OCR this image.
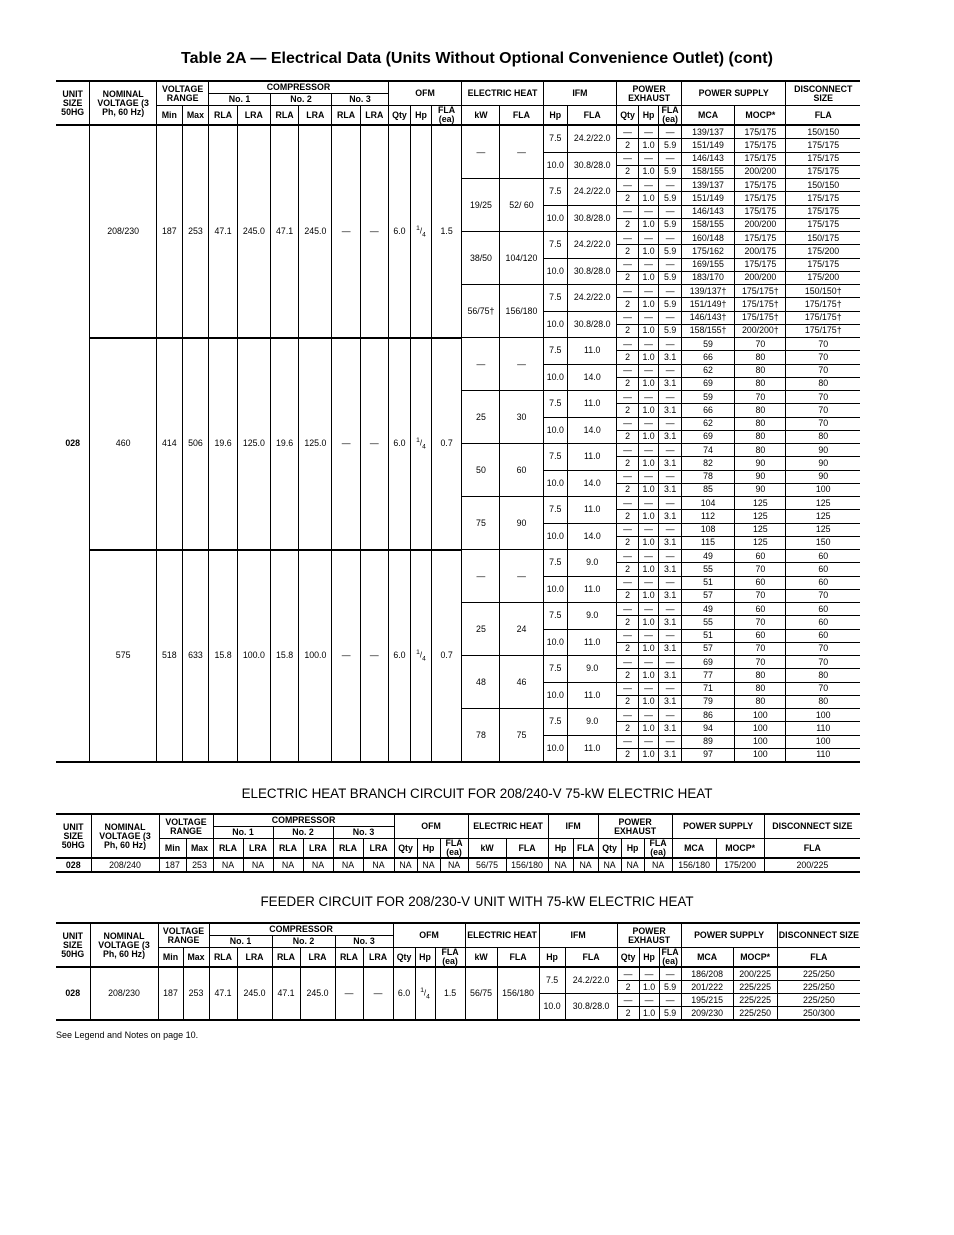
Table 2A — Electrical Data (Units Without Optional Convenience Outlet) (cont)
UNIT SIZE 50HG	NOMINAL VOLTAGE (3 Ph, 60 Hz)	VOLTAGE RANGE		COMPRESSOR						OFM			ELECTRIC HEAT		IFM		POWER EXHAUST			POWER SUPPLY		DISCONNECT SIZE
				No. 1		No. 2		No. 3														
		Min	Max	RLA	LRA	RLA	LRA	RLA	LRA	Qty	Hp	FLA (ea)	kW	FLA	Hp	FLA	Qty	Hp	FLA (ea)	MCA	MOCP*	FLA
028	208/230	187	253	47.1	245.0	47.1	245.0	—	—	6.0	$^1/_4$	1.5	—	—	7.5	24.2/22.0	—	—	—	139/137	175/175	150/150
																	2	1.0	5.9	151/149	175/175	175/175
															10.0	30.8/28.0	—	—	—	146/143	175/175	175/175
																	2	1.0	5.9	158/155	200/200	175/175
													19/25	52/ 60	7.5	24.2/22.0	—	—	—	139/137	175/175	150/150
																	2	1.0	5.9	151/149	175/175	175/175
															10.0	30.8/28.0	—	—	—	146/143	175/175	175/175
																	2	1.0	5.9	158/155	200/200	175/175
													38/50	104/120	7.5	24.2/22.0	—	—	—	160/148	175/175	150/175
																	2	1.0	5.9	175/162	200/175	175/200
															10.0	30.8/28.0	—	—	—	169/155	175/175	175/175
																	2	1.0	5.9	183/170	200/200	175/200
													56/75†	156/180	7.5	24.2/22.0	—	—	—	139/137†	175/175†	150/150†
																	2	1.0	5.9	151/149†	175/175†	175/175†
															10.0	30.8/28.0	—	—	—	146/143†	175/175†	175/175†
																	2	1.0	5.9	158/155†	200/200†	175/175†
	460	414	506	19.6	125.0	19.6	125.0	—	—	6.0	$^1/_4$	0.7	—	—	7.5	11.0	—	—	—	59	70	70
																	2	1.0	3.1	66	80	70
															10.0	14.0	—	—	—	62	80	70
																	2	1.0	3.1	69	80	80
													25	30	7.5	11.0	—	—	—	59	70	70
																	2	1.0	3.1	66	80	70
															10.0	14.0	—	—	—	62	80	70
																	2	1.0	3.1	69	80	80
													50	60	7.5	11.0	—	—	—	74	80	90
																	2	1.0	3.1	82	90	90
															10.0	14.0	—	—	—	78	90	90
																	2	1.0	3.1	85	90	100
													75	90	7.5	11.0	—	—	—	104	125	125
																	2	1.0	3.1	112	125	125
															10.0	14.0	—	—	—	108	125	125
																	2	1.0	3.1	115	125	150
	575	518	633	15.8	100.0	15.8	100.0	—	—	6.0	$^1/_4$	0.7	—	—	7.5	9.0	—	—	—	49	60	60
																	2	1.0	3.1	55	70	60
															10.0	11.0	—	—	—	51	60	60
																	2	1.0	3.1	57	70	70
													25	24	7.5	9.0	—	—	—	49	60	60
																	2	1.0	3.1	55	70	60
															10.0	11.0	—	—	—	51	60	60
																	2	1.0	3.1	57	70	70
													48	46	7.5	9.0	—	—	—	69	70	70
																	2	1.0	3.1	77	80	80
															10.0	11.0	—	—	—	71	80	70
																	2	1.0	3.1	79	80	80
													78	75	7.5	9.0	—	—	—	86	100	100
																	2	1.0	3.1	94	100	110
															10.0	11.0	—	—	—	89	100	100
																	2	1.0	3.1	97	100	110
ELECTRIC HEAT BRANCH CIRCUIT FOR 208/240-V 75-kW ELECTRIC HEAT
UNIT SIZE 50HG	NOMINAL VOLTAGE (3 Ph, 60 Hz)	VOLTAGE RANGE		COMPRESSOR						OFM			ELECTRIC HEAT		IFM		POWER EXHAUST			POWER SUPPLY		DISCONNECT SIZE
				No. 1		No. 2		No. 3														
		Min	Max	RLA	LRA	RLA	LRA	RLA	LRA	Qty	Hp	FLA (ea)	kW	FLA	Hp	FLA	Qty	Hp	FLA (ea)	MCA	MOCP*	FLA
028	208/240	187	253	NA	NA	NA	NA	NA	NA	NA	NA	NA	56/75	156/180	NA	NA	NA	NA	NA	156/180	175/200	200/225
FEEDER CIRCUIT FOR 208/230-V UNIT WITH 75-kW ELECTRIC HEAT
UNIT SIZE 50HG	NOMINAL VOLTAGE (3 Ph, 60 Hz)	VOLTAGE RANGE		COMPRESSOR						OFM			ELECTRIC HEAT		IFM		POWER EXHAUST			POWER SUPPLY		DISCONNECT SIZE
				No. 1		No. 2		No. 3														
		Min	Max	RLA	LRA	RLA	LRA	RLA	LRA	Qty	Hp	FLA (ea)	kW	FLA	Hp	FLA	Qty	Hp	FLA (ea)	MCA	MOCP*	FLA
028	208/230	187	253	47.1	245.0	47.1	245.0	—	—	6.0	$^1/_4$	1.5	56/75	156/180	7.5	24.2/22.0	—	—	—	186/208	200/225	225/250
																	2	1.0	5.9	201/222	225/225	225/250
															10.0	30.8/28.0	—	—	—	195/215	225/225	225/250
																	2	1.0	5.9	209/230	225/250	250/300
See Legend and Notes on page 10.
